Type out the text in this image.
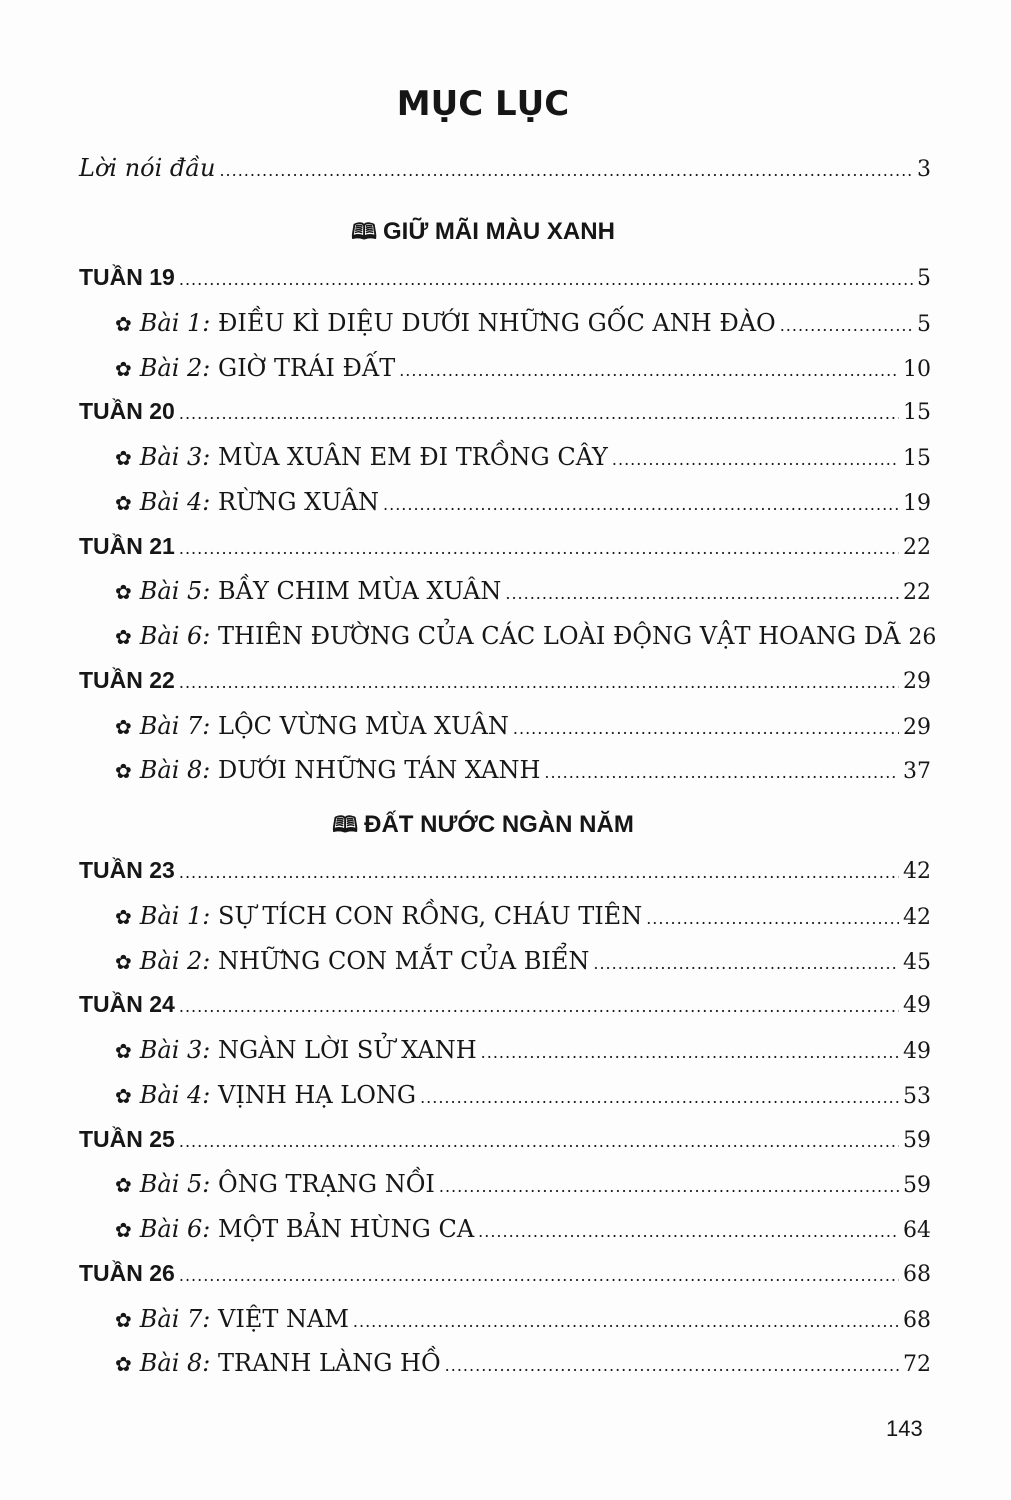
MỤC LỤC
Lời nói đầu .....	3
🕮 GIỮ MÃI MÀU XANH
TUẦN 19 .....	5
✿ Bài 1:
ĐIỀU KÌ DIỆU DƯỚI NHỮNG GỐC ANH ĐÀO .....	5
✿ Bài 2:
GIỜ TRÁI ĐẤT .....	10
TUẦN 20 .....	15
✿ Bài 3:
MÙA XUÂN EM ĐI TRỒNG CÂY .....	15
✿ Bài 4:
RỪNG XUÂN .....	19
TUẦN 21 .....	22
✿ Bài 5:
BẦY CHIM MÙA XUÂN .....	22
✿ Bài 6:
THIÊN ĐƯỜNG CỦA CÁC LOÀI ĐỘNG VẬT HOANG DÃ 26
TUẦN 22 .....	29
✿ Bài 7:
LỘC VỪNG MÙA XUÂN .....	29
✿ Bài 8:
DƯỚI NHỮNG TÁN XANH .....	37
🕮 ĐẤT NƯỚC NGÀN NĂM
TUẦN 23 .....	42
✿ Bài 1:
SỰ TÍCH CON RỒNG, CHÁU TIÊN .....	42
✿ Bài 2:
NHỮNG CON MẮT CỦA BIỂN .....	45
TUẦN 24 .....	49
✿ Bài 3:
NGÀN LỜI SỬ XANH .....	49
✿ Bài 4:
VỊNH HẠ LONG .....	53
TUẦN 25 .....	59
✿ Bài 5:
ÔNG TRẠNG NỒI .....	59
✿ Bài 6:
MỘT BẢN HÙNG CA .....	64
TUẦN 26 .....	68
✿ Bài 7:
VIỆT NAM .....	68
✿ Bài 8:
TRANH LÀNG HỒ .....	72
143
